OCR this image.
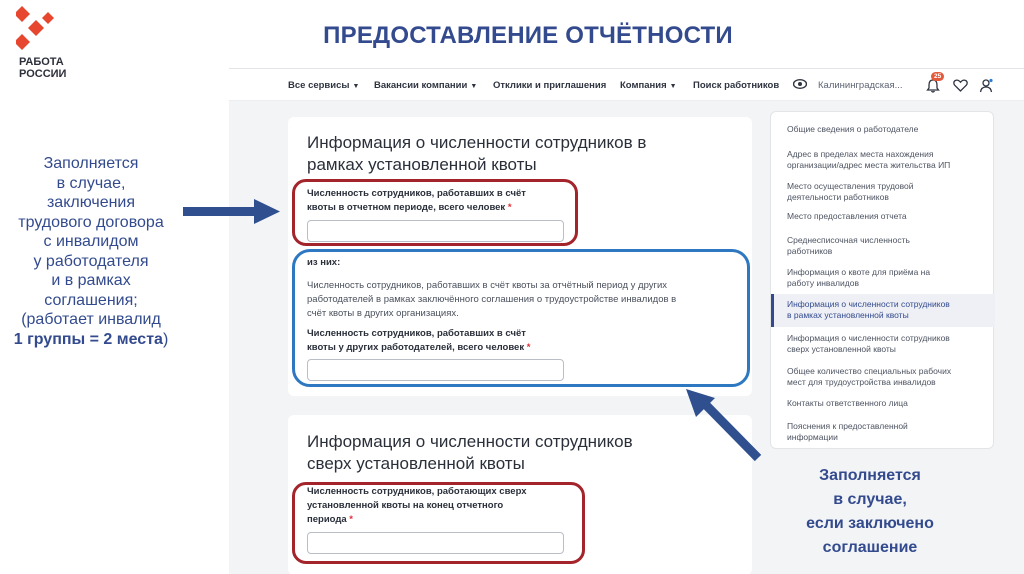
РАБОТА
РОССИИ
ПРЕДОСТАВЛЕНИЕ ОТЧЁТНОСТИ
Все сервисы ▼ Вакансии компании ▼ Отклики и приглашения Компания ▼ Поиск работников	Калининградская...
25
Информация о численности сотрудников в
рамках установленной квоты
Численность сотрудников, работавших в счёт
квоты в отчетном периоде, всего человек *
из них:
Численность сотрудников, работавших в счёт квоты за отчётный период у других
работодателей в рамках заключённого соглашения о трудоустройстве инвалидов в
счёт квоты в других организациях.
Численность сотрудников, работавших в счёт
квоты у других работодателей, всего человек *
Информация о численности сотрудников
сверх установленной квоты
Численность сотрудников, работающих сверх
установленной квоты на конец отчетного
периода *
Общие сведения о работодателе
Адрес в пределах места нахождения
организации/адрес места жительства ИП
Место осуществления трудовой
деятельности работников
Место предоставления отчета
Среднесписочная численность
работников
Информация о квоте для приёма на
работу инвалидов
Информация о численности сотрудников
в рамках установленной квоты
Информация о численности сотрудников
сверх установленной квоты
Общее количество специальных рабочих
мест для трудоустройства инвалидов
Контакты ответственного лица
Пояснения к предоставленной
информации
Заполняется
в случае,
заключения
трудового договора
с инвалидом
у работодателя
и в рамках
соглашения;
(работает инвалид
1 группы = 2 места)
Заполняется
в случае,
если заключено
соглашение
